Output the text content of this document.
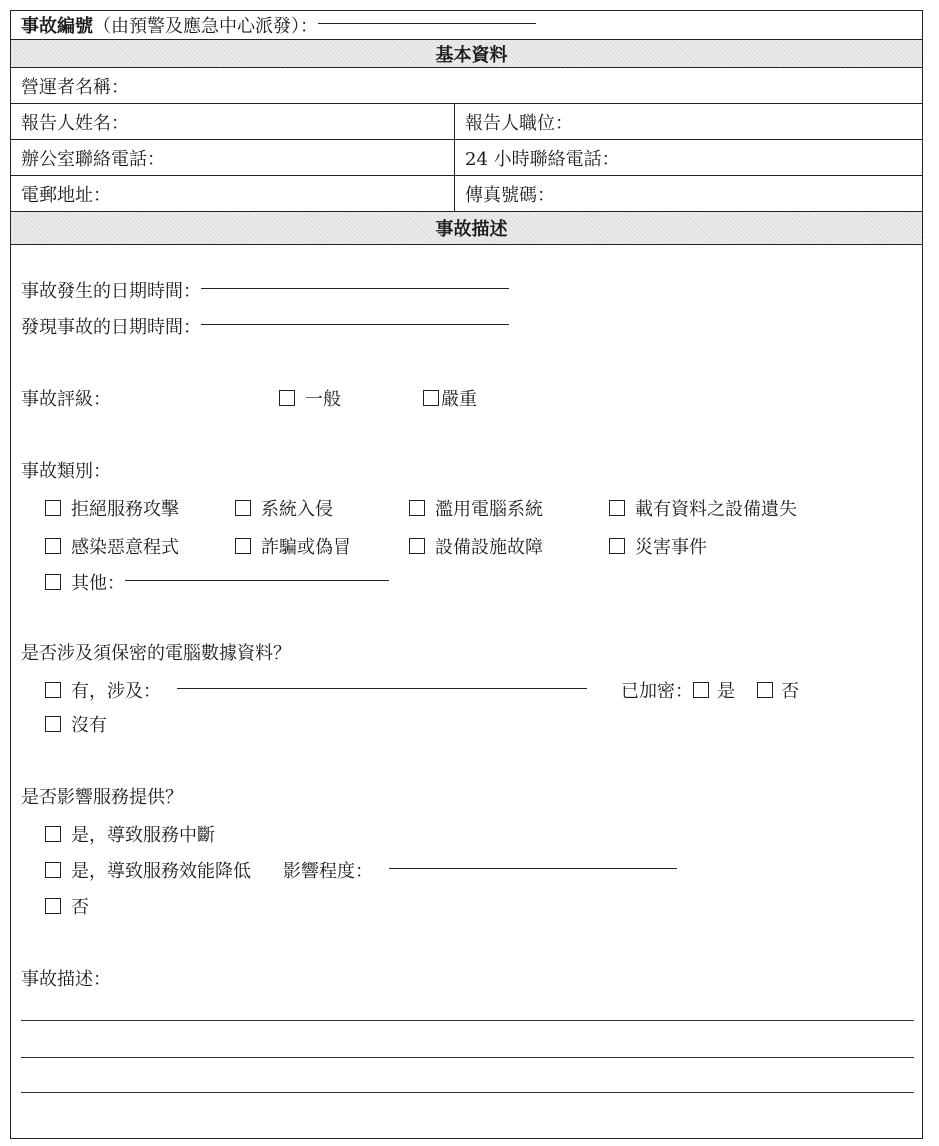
事故編號 （由預警及應急中心派發）：
基本資料
營運者名稱：
報告人姓名：	報告人職位：
辦公室聯絡電話：	24 小時聯絡電話：
電郵地址：	傳真號碼：
事故描述
事故發生的日期時間：
發現事故的日期時間：
事故評級：	一般	嚴重
事故類別：
拒絕服務攻擊	系統入侵	濫用電腦系統	載有資料之設備遺失
感染惡意程式	詐騙或偽冒	設備設施故障	災害事件
其他：
是否涉及須保密的電腦數據資料？
有，涉及：	已加密： 是	否
沒有
是否影響服務提供？
是，導致服務中斷
是，導致服務效能降低 影響程度：
否
事故描述：
